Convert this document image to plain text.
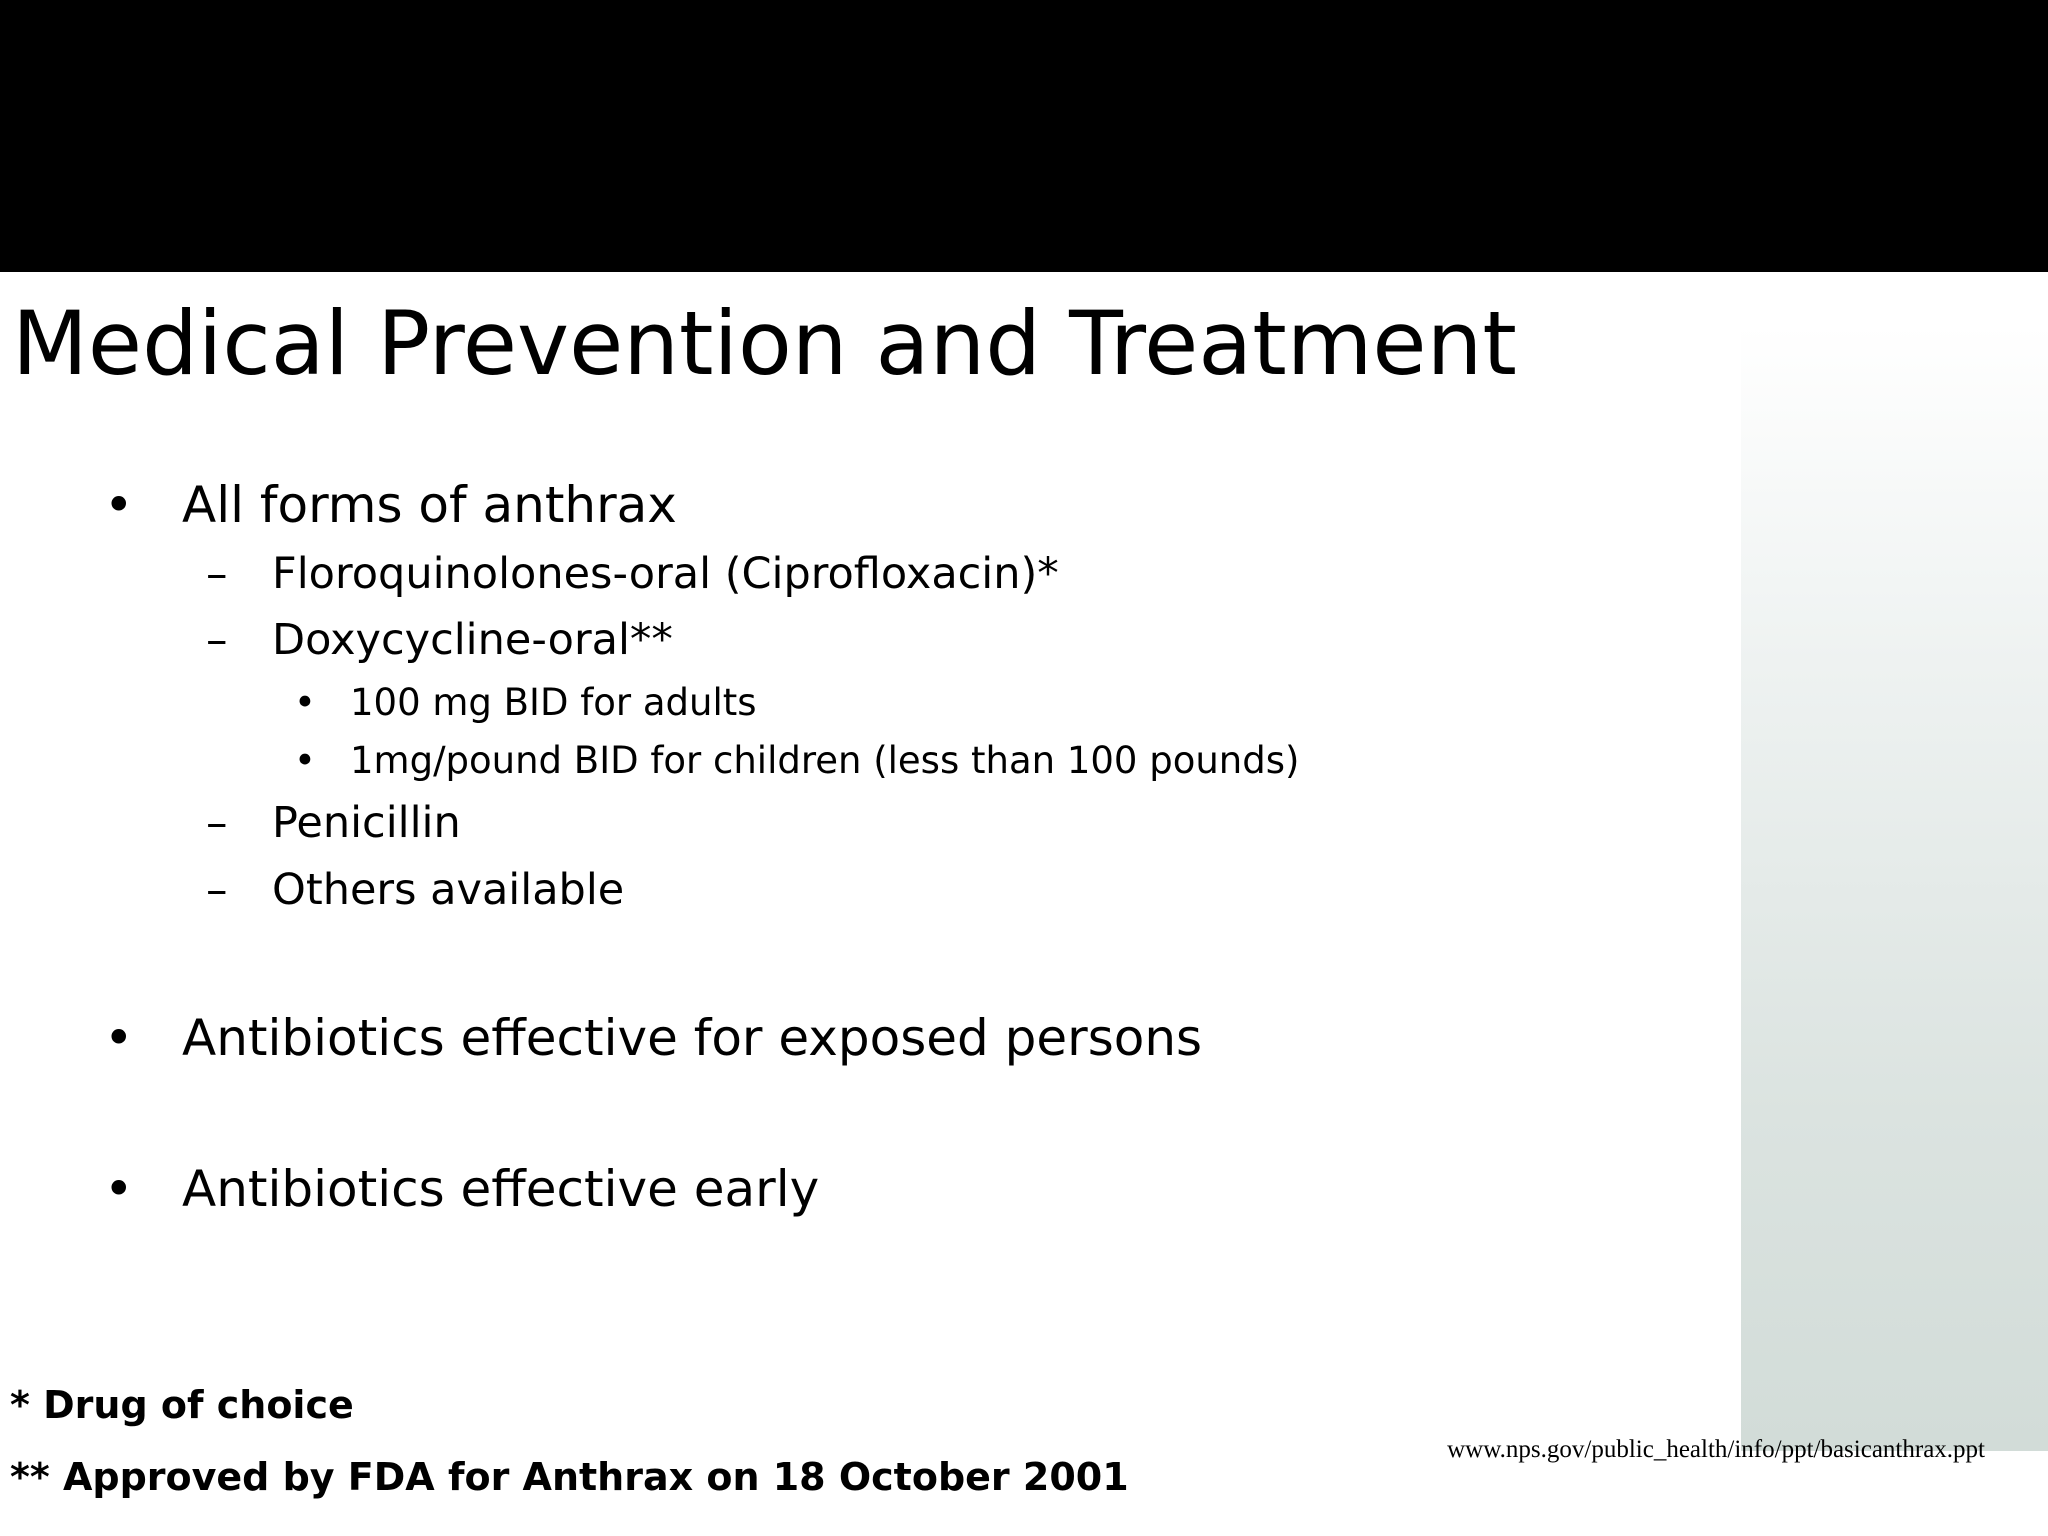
Medical Prevention and Treatment
• All forms of anthrax
– Floroquinolones-oral (Ciprofloxacin)*
– Doxycycline-oral**
• 100 mg BID for adults
• 1mg/pound BID for children (less than 100 pounds)
– Penicillin
– Others available
• Antibiotics effective for exposed persons
• Antibiotics effective early

* Drug of choice

** Approved by FDA for Anthrax on 18 October 2001

www.nps.gov/public_health/info/ppt/basicanthrax.ppt
